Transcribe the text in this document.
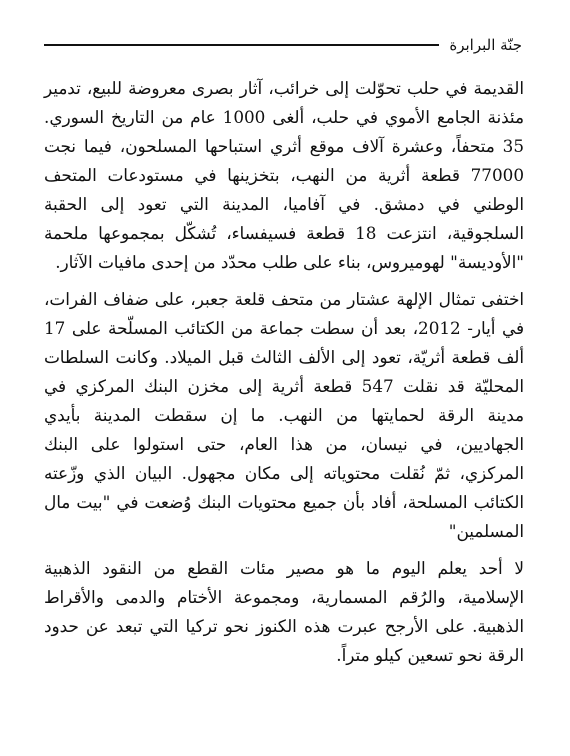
جنّة البرابرة

القديمة في حلب تحوّلت إلى خرائب، آثار بصرى معروضة للبيع، تدمير مئذنة الجامع الأموي في حلب، ألغى 1000 عام من التاريخ السوري. 35 متحفاً، وعشرة آلاف موقع أثري استباحها المسلحون، فيما نجت 77000 قطعة أثرية من النهب، بتخزينها في مستودعات المتحف الوطني في دمشق. في آفاميا، المدينة التي تعود إلى الحقبة السلجوقية، انتزعت 18 قطعة فسيفساء، تُشكّل بمجموعها ملحمة "الأوديسة" لهوميروس، بناء على طلب محدّد من إحدى مافيات الآثار.

اختفى تمثال الإلهة عشتار من متحف قلعة جعبر، على ضفاف الفرات، في أيار- 2012، بعد أن سطت جماعة من الكتائب المسلّحة على 17 ألف قطعة أثريّة، تعود إلى الألف الثالث قبل الميلاد. وكانت السلطات المحليّة قد نقلت 547 قطعة أثرية إلى مخزن البنك المركزي في مدينة الرقة لحمايتها من النهب. ما إن سقطت المدينة بأيدي الجهاديين، في نيسان، من هذا العام، حتى استولوا على البنك المركزي، ثمّ نُقلت محتوياته إلى مكان مجهول. البيان الذي وزّعته الكتائب المسلحة، أفاد بأن جميع محتويات البنك وُضعت في "بيت مال المسلمين"

لا أحد يعلم اليوم ما هو مصير مئات القطع من النقود الذهبية الإسلامية، والرُقم المسمارية، ومجموعة الأختام والدمى والأقراط الذهبية. على الأرجح عبرت هذه الكنوز نحو تركيا التي تبعد عن حدود الرقة نحو تسعين كيلو متراً.
